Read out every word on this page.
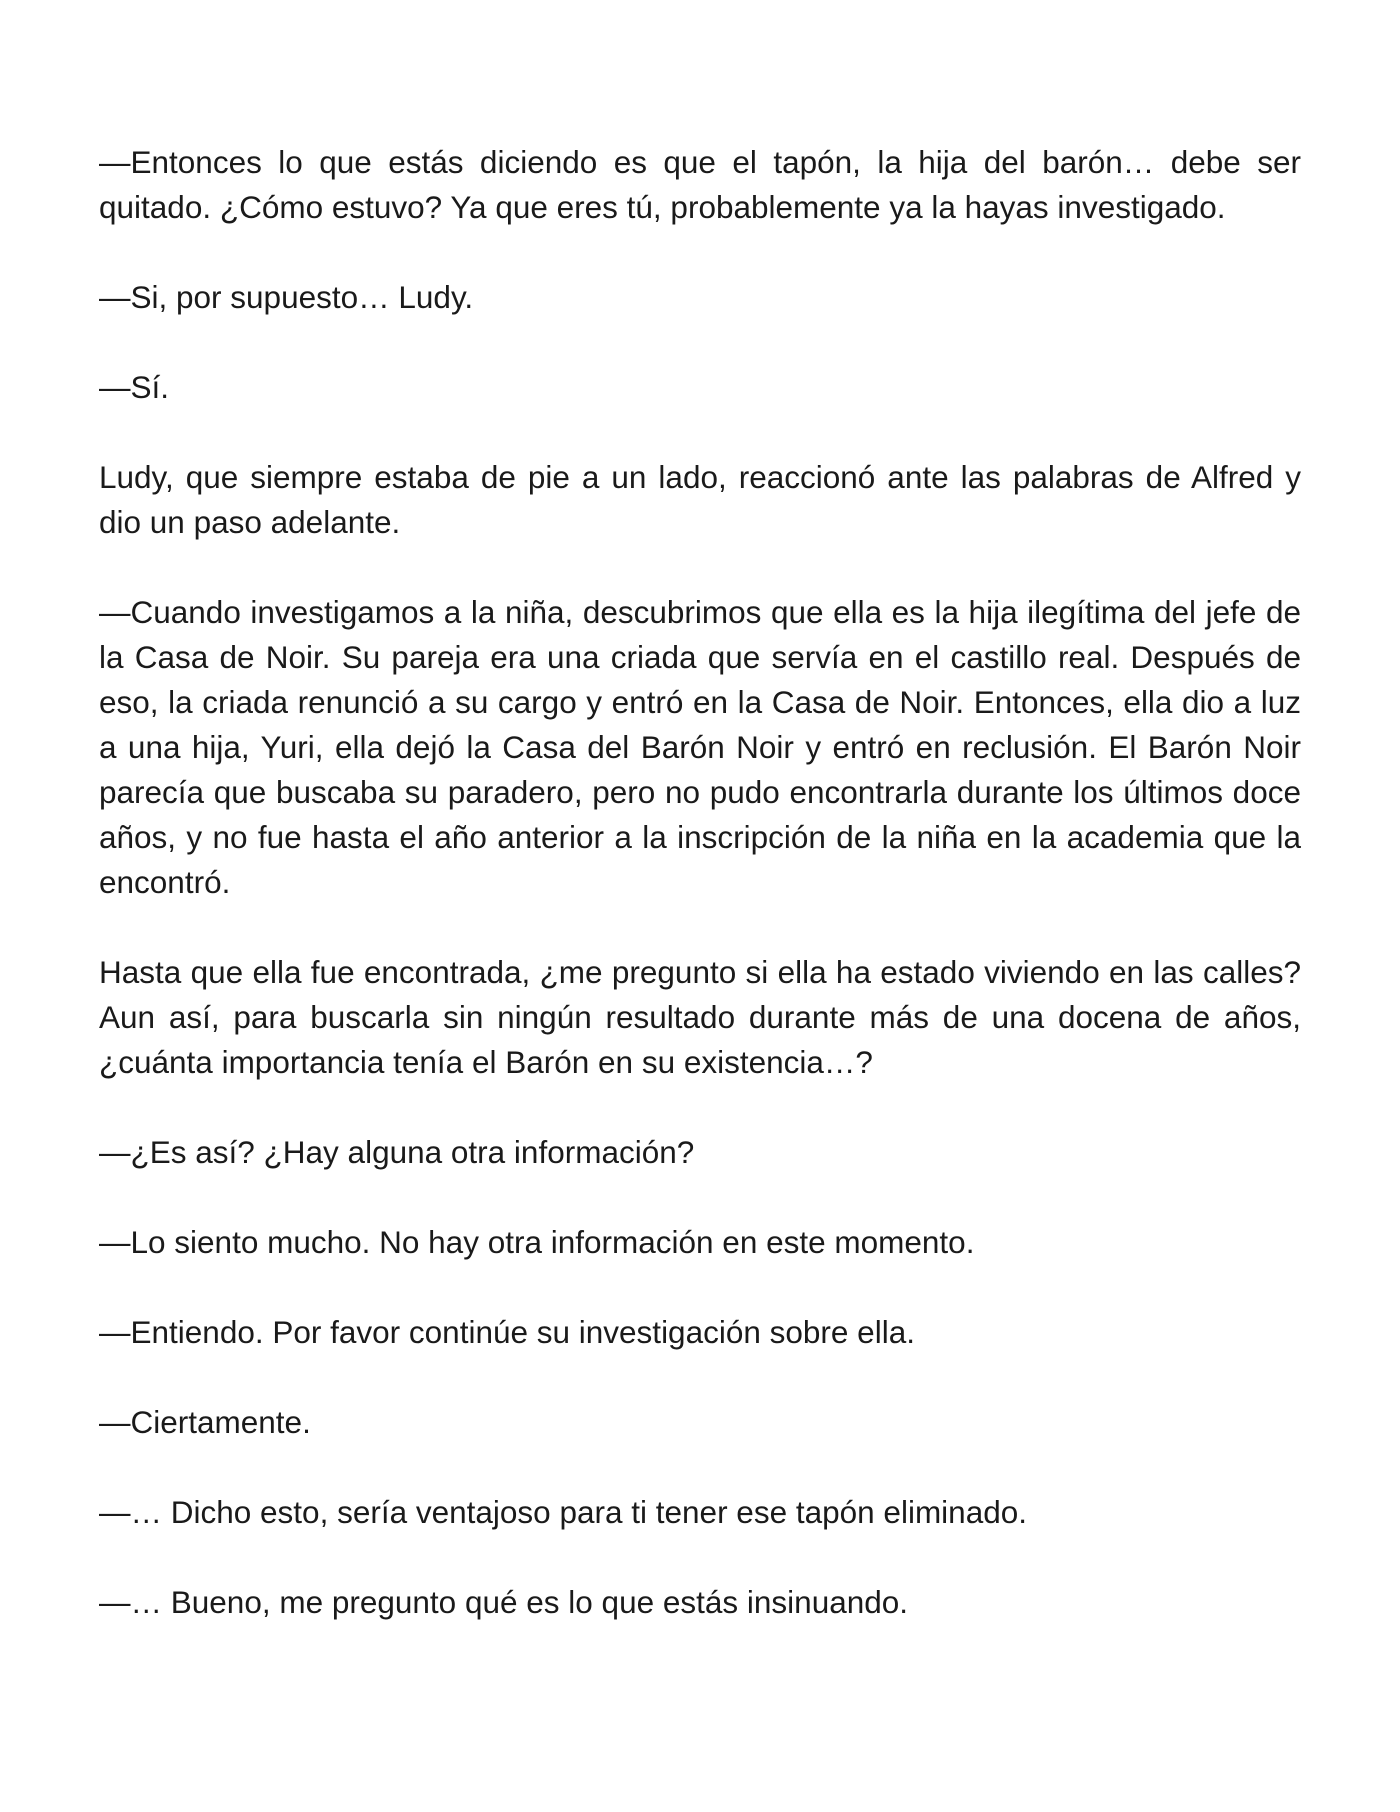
—Entonces lo que estás diciendo es que el tapón, la hija del barón… debe ser quitado. ¿Cómo estuvo? Ya que eres tú, probablemente ya la hayas investigado.

—Si, por supuesto… Ludy.

—Sí.

Ludy, que siempre estaba de pie a un lado, reaccionó ante las palabras de Alfred y dio un paso adelante.

—Cuando investigamos a la niña, descubrimos que ella es la hija ilegítima del jefe de la Casa de Noir. Su pareja era una criada que servía en el castillo real. Después de eso, la criada renunció a su cargo y entró en la Casa de Noir. Entonces, ella dio a luz a una hija, Yuri, ella dejó la Casa del Barón Noir y entró en reclusión. El Barón Noir parecía que buscaba su paradero, pero no pudo encontrarla durante los últimos doce años, y no fue hasta el año anterior a la inscripción de la niña en la academia que la encontró.

Hasta que ella fue encontrada, ¿me pregunto si ella ha estado viviendo en las calles? Aun así, para buscarla sin ningún resultado durante más de una docena de años, ¿cuánta importancia tenía el Barón en su existencia…?

—¿Es así? ¿Hay alguna otra información?

—Lo siento mucho. No hay otra información en este momento.

—Entiendo. Por favor continúe su investigación sobre ella.

—Ciertamente.

—… Dicho esto, sería ventajoso para ti tener ese tapón eliminado.

—… Bueno, me pregunto qué es lo que estás insinuando.
